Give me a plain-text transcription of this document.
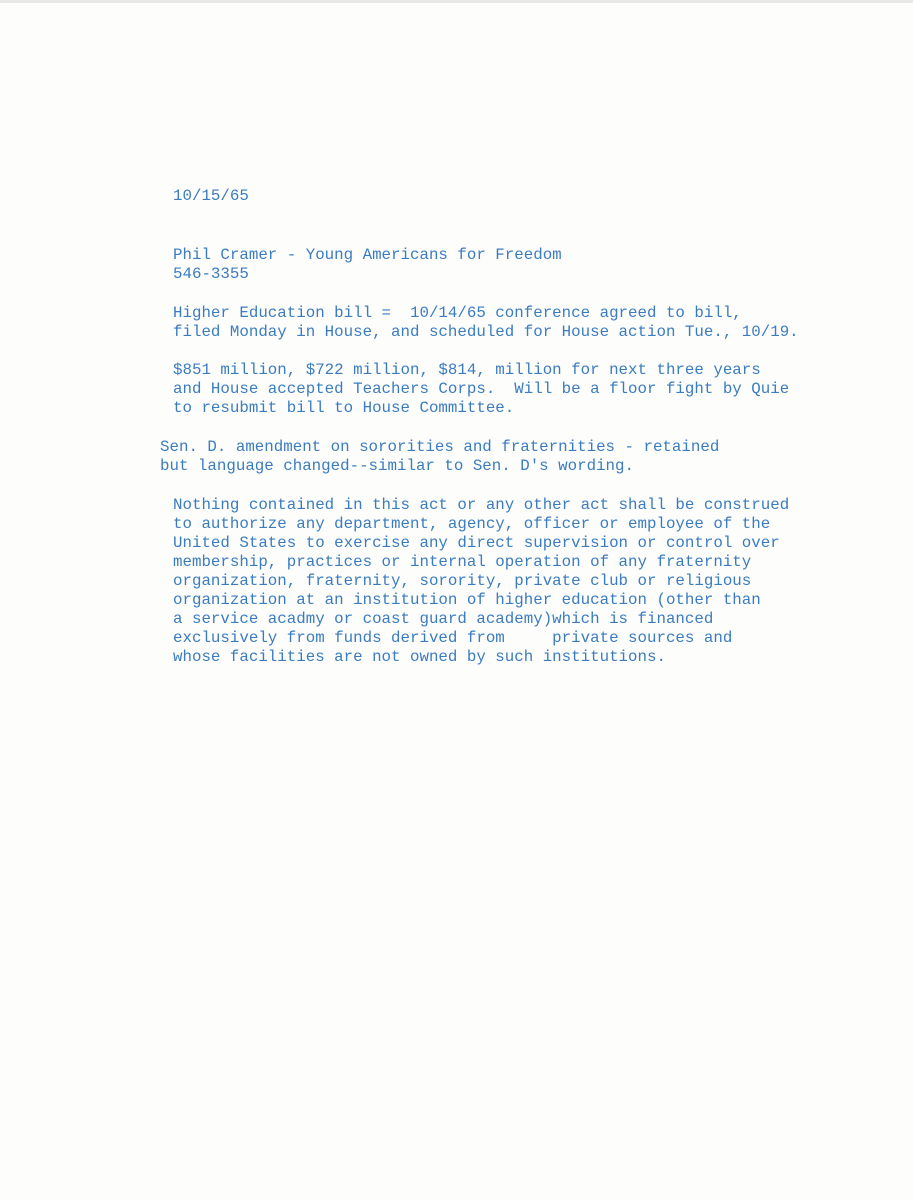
10/15/65

Phil Cramer - Young Americans for Freedom

546-3355

Higher Education bill =  10/14/65 conference agreed to bill,

filed Monday in House, and scheduled for House action Tue., 10/19.

$851 million, $722 million, $814, million for next three years

and House accepted Teachers Corps.  Will be a floor fight by Quie

to resubmit bill to House Committee.

Sen. D. amendment on sororities and fraternities - retained

but language changed--similar to Sen. D's wording.

Nothing contained in this act or any other act shall be construed

to authorize any department, agency, officer or employee of the

United States to exercise any direct supervision or control over

membership, practices or internal operation of any fraternity

organization, fraternity, sorority, private club or religious

organization at an institution of higher education (other than

a service acadmy or coast guard academy)which is financed

exclusively from funds derived from     private sources and

whose facilities are not owned by such institutions.
